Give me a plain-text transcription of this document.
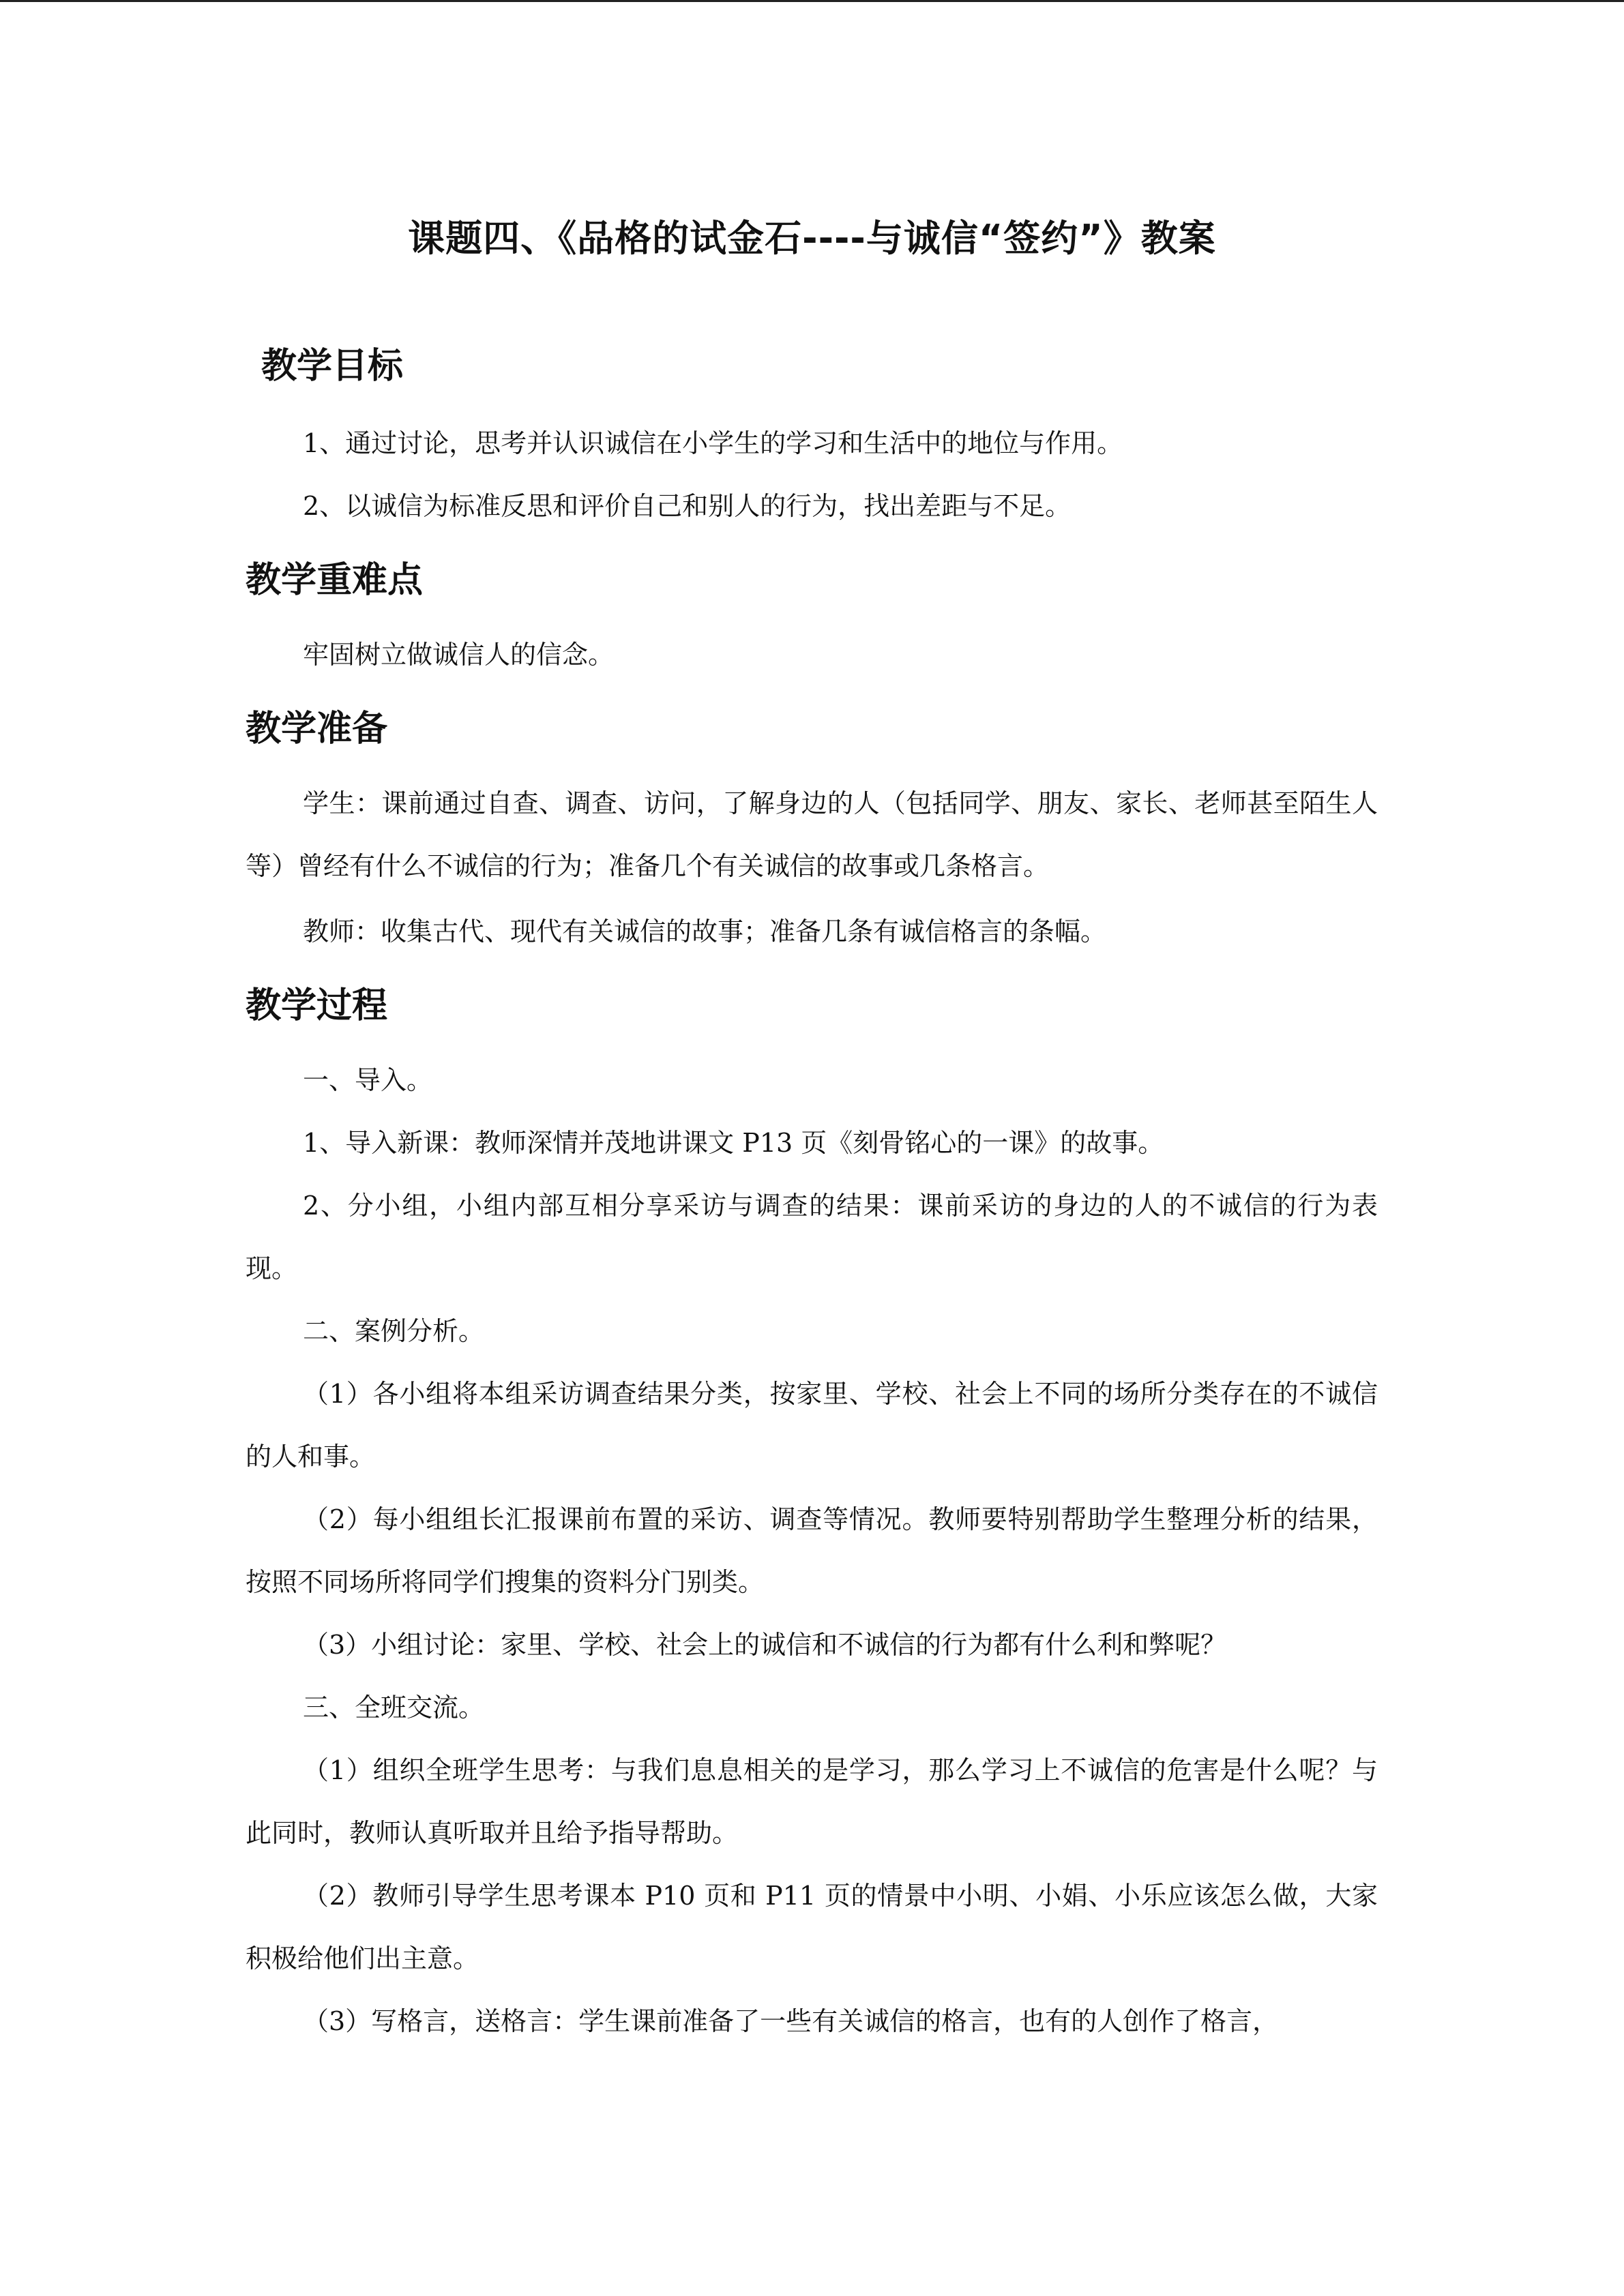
课题四、《品格的试金石----与诚信“签约”》教案
教学目标

1、通过讨论，思考并认识诚信在小学生的学习和生活中的地位与作用。

2、以诚信为标准反思和评价自己和别人的行为，找出差距与不足。

教学重难点

牢固树立做诚信人的信念。

教学准备

学生：课前通过自查、调查、访问，了解身边的人（包括同学、朋友、家长、老师甚至陌生人等）曾经有什么不诚信的行为；准备几个有关诚信的故事或几条格言。

教师：收集古代、现代有关诚信的故事；准备几条有诚信格言的条幅。

教学过程

一、导入。

1、导入新课：教师深情并茂地讲课文 P13 页《刻骨铭心的一课》的故事。

2、分小组，小组内部互相分享采访与调查的结果：课前采访的身边的人的不诚信的行为表现。

二、案例分析。

（1）各小组将本组采访调查结果分类，按家里、学校、社会上不同的场所分类存在的不诚信的人和事。

（2）每小组组长汇报课前布置的采访、调查等情况。教师要特别帮助学生整理分析的结果，按照不同场所将同学们搜集的资料分门别类。

（3）小组讨论：家里、学校、社会上的诚信和不诚信的行为都有什么利和弊呢？

三、全班交流。

（1）组织全班学生思考：与我们息息相关的是学习，那么学习上不诚信的危害是什么呢？与此同时，教师认真听取并且给予指导帮助。

（2）教师引导学生思考课本 P10 页和 P11 页的情景中小明、小娟、小乐应该怎么做，大家积极给他们出主意。

（3）写格言，送格言：学生课前准备了一些有关诚信的格言，也有的人创作了格言，
